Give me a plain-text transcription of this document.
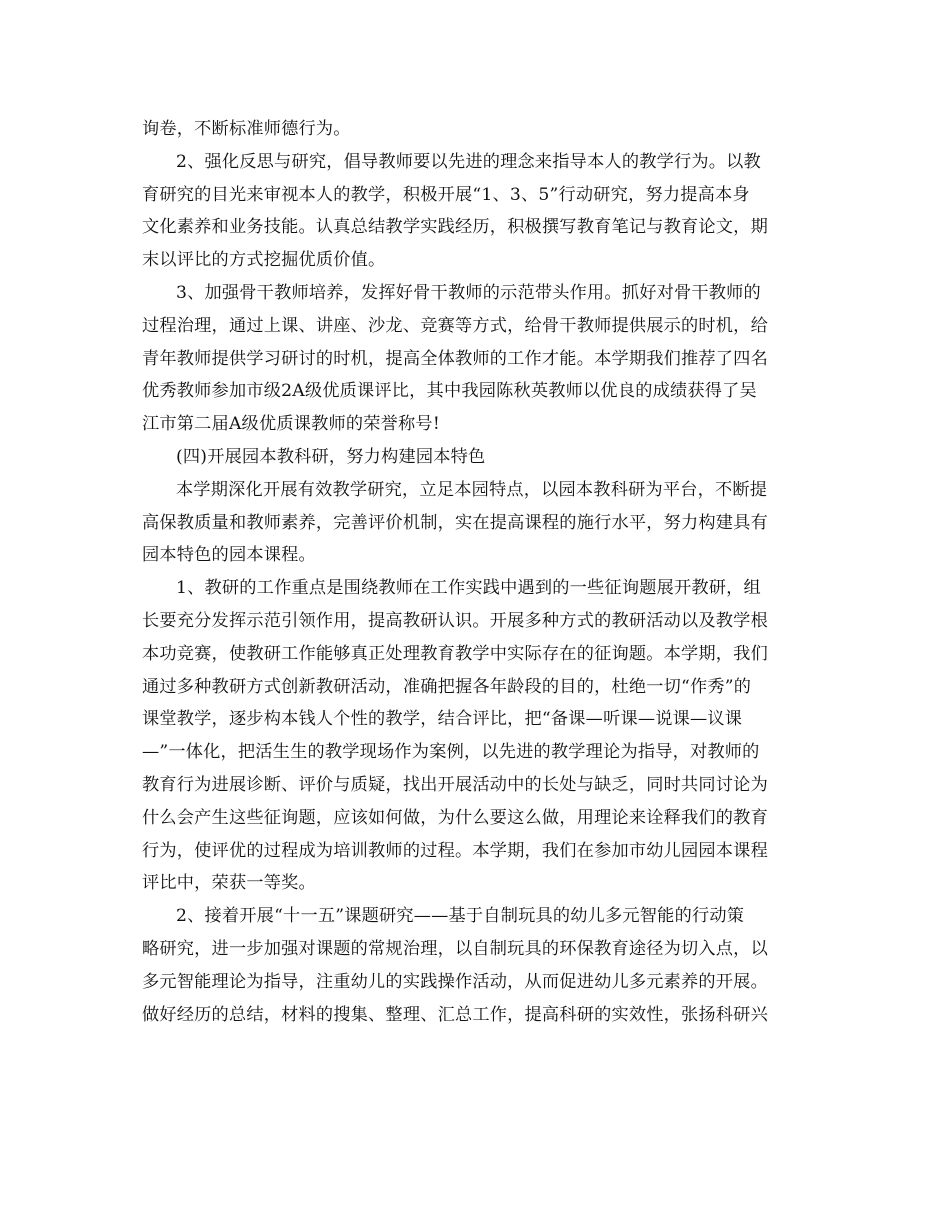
询卷，不断标准师德行为。
2、强化反思与研究，倡导教师要以先进的理念来指导本人的教学行为。以教
育研究的目光来审视本人的教学，积极开展“1、3、5”行动研究，努力提高本身
文化素养和业务技能。认真总结教学实践经历，积极撰写教育笔记与教育论文，期
末以评比的方式挖掘优质价值。
3、加强骨干教师培养，发挥好骨干教师的示范带头作用。抓好对骨干教师的
过程治理，通过上课、讲座、沙龙、竞赛等方式，给骨干教师提供展示的时机，给
青年教师提供学习研讨的时机，提高全体教师的工作才能。本学期我们推荐了四名
优秀教师参加市级2A级优质课评比，其中我园陈秋英教师以优良的成绩获得了吴
江市第二届A级优质课教师的荣誉称号!
(四)开展园本教科研，努力构建园本特色
本学期深化开展有效教学研究，立足本园特点，以园本教科研为平台，不断提
高保教质量和教师素养，完善评价机制，实在提高课程的施行水平，努力构建具有
园本特色的园本课程。
1、教研的工作重点是围绕教师在工作实践中遇到的一些征询题展开教研，组
长要充分发挥示范引领作用，提高教研认识。开展多种方式的教研活动以及教学根
本功竞赛，使教研工作能够真正处理教育教学中实际存在的征询题。本学期，我们
通过多种教研方式创新教研活动，准确把握各年龄段的目的，杜绝一切“作秀”的
课堂教学，逐步构本钱人个性的教学，结合评比，把“备课—听课—说课—议课
—”一体化，把活生生的教学现场作为案例，以先进的教学理论为指导，对教师的
教育行为进展诊断、评价与质疑，找出开展活动中的长处与缺乏，同时共同讨论为
什么会产生这些征询题，应该如何做，为什么要这么做，用理论来诠释我们的教育
行为，使评优的过程成为培训教师的过程。本学期，我们在参加市幼儿园园本课程
评比中，荣获一等奖。
2、接着开展“十一五”课题研究——基于自制玩具的幼儿多元智能的行动策
略研究，进一步加强对课题的常规治理，以自制玩具的环保教育途径为切入点，以
多元智能理论为指导，注重幼儿的实践操作活动，从而促进幼儿多元素养的开展。
做好经历的总结，材料的搜集、整理、汇总工作，提高科研的实效性，张扬科研兴
